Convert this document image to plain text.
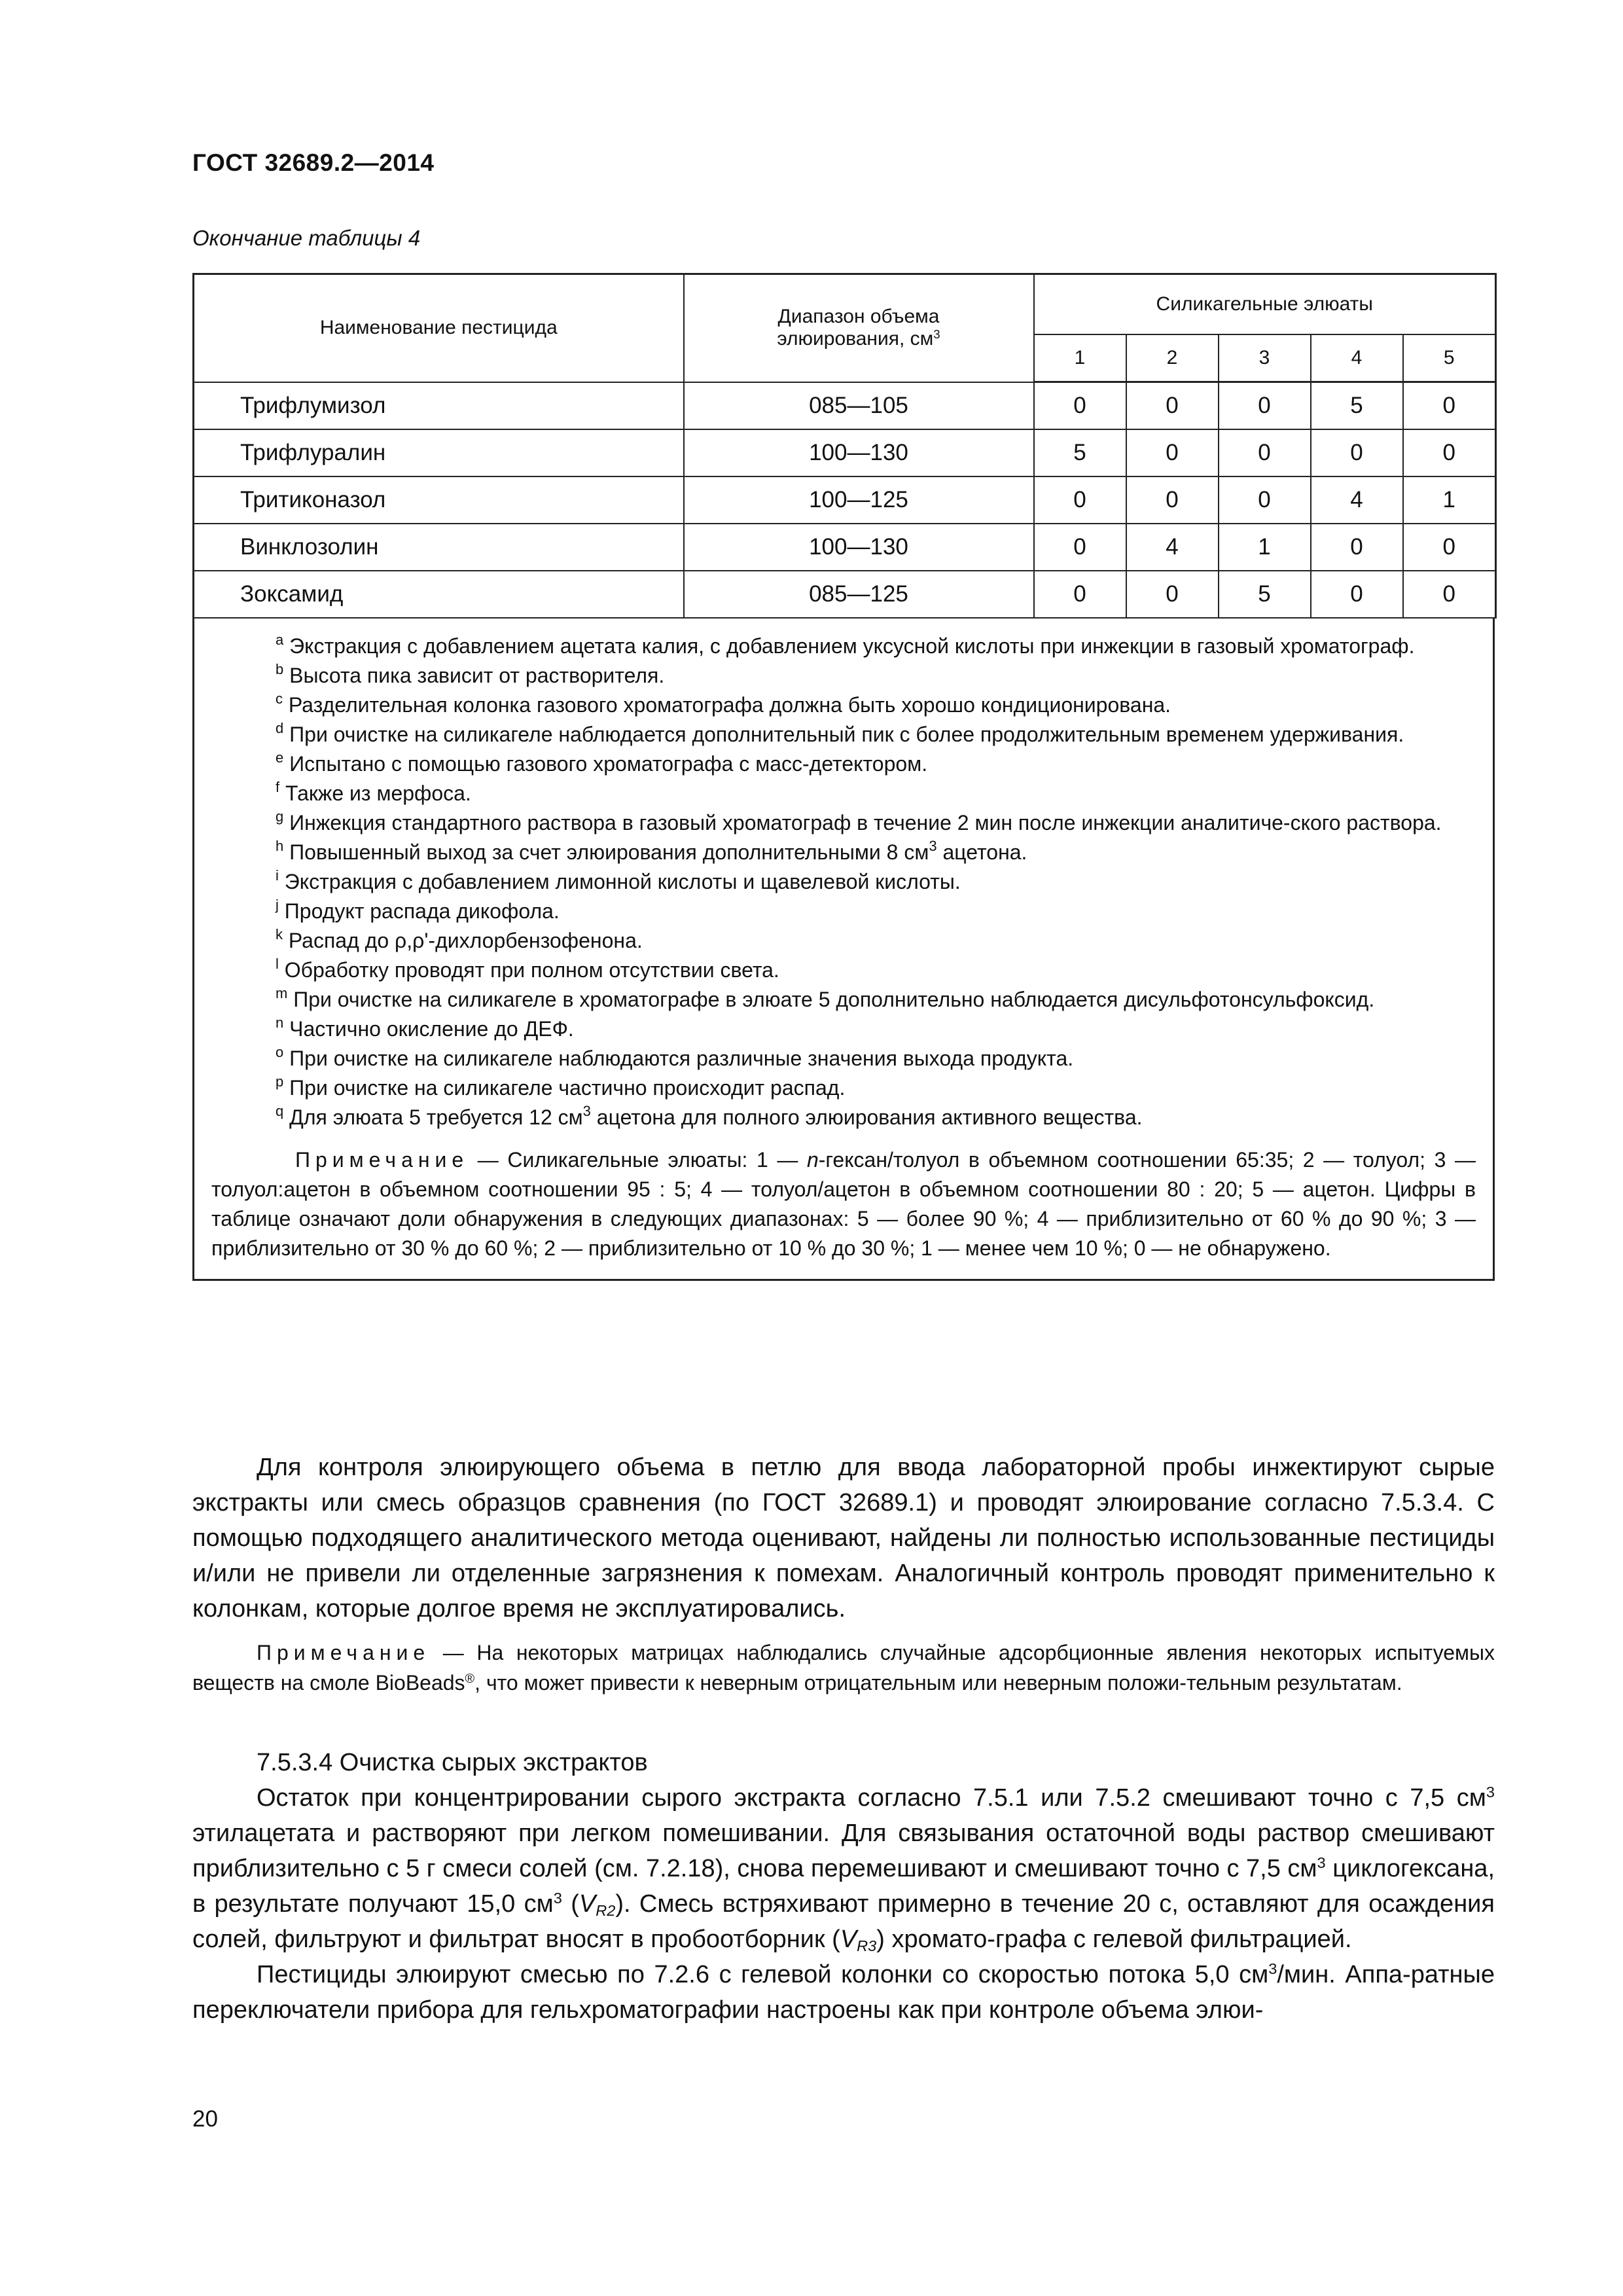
ГОСТ 32689.2—2014
Окончание таблицы 4
Наименование пестицида	Диапазон объема
элюирования, $см^3$	Силикагельные элюаты				
		1	2	3	4	5
Трифлумизол	085—105	0	0	0	5	0
Трифлуралин	100—130	5	0	0	0	0
Тритиконазол	100—125	0	0	0	4	1
Винклозолин	100—130	0	4	1	0	0
Зоксамид	085—125	0	0	5	0	0
$^a$ Экстракция с добавлением ацетата калия, с добавлением уксусной кислоты при инжекции в газовый хроматограф.
$^b$ Высота пика зависит от растворителя.
$^c$ Разделительная колонка газового хроматографа должна быть хорошо кондиционирована.
$^d$ При очистке на силикагеле наблюдается дополнительный пик с более продолжительным временем удерживания.
$^e$ Испытано с помощью газового хроматографа с масс-детектором.
$^f$ Также из мерфоса.
$^g$ Инжекция стандартного раствора в газовый хроматограф в течение 2 мин после инжекции аналитиче-ского раствора.
$^h$ Повышенный выход за счет элюирования дополнительными 8 $см^3$ ацетона.
$^i$ Экстракция с добавлением лимонной кислоты и щавелевой кислоты.
$^j$ Продукт распада дикофола.
$^k$ Распад до ρ,ρ'-дихлорбензофенона.
$^l$ Обработку проводят при полном отсутствии света.
$^m$ При очистке на силикагеле в хроматографе в элюате 5 дополнительно наблюдается дисульфотонсульфоксид.
$^n$ Частично окисление до ДЕФ.
$^o$ При очистке на силикагеле наблюдаются различные значения выхода продукта.
$^p$ При очистке на силикагеле частично происходит распад.
$^q$ Для элюата 5 требуется 12 $см^3$ ацетона для полного элюирования активного вещества.
Примечание — Силикагельные элюаты: 1 — n-гексан/толуол в объемном соотношении 65:35; 2 — толуол; 3 — толуол:ацетон в объемном соотношении 95 : 5; 4 — толуол/ацетон в объемном соотношении 80 : 20; 5 — ацетон. Цифры в таблице означают доли обнаружения в следующих диапазонах: 5 — более 90 %; 4 — приблизительно от 60 % до 90 %; 3 — приблизительно от 30 % до 60 %; 2 — приблизительно от 10 % до 30 %; 1 — менее чем 10 %; 0 — не обнаружено.

Для контроля элюирующего объема в петлю для ввода лабораторной пробы инжектируют сырые экстракты или смесь образцов сравнения (по ГОСТ 32689.1) и проводят элюирование согласно 7.5.3.4. С помощью подходящего аналитического метода оценивают, найдены ли полностью использованные пестициды и/или не привели ли отделенные загрязнения к помехам. Аналогичный контроль проводят применительно к колонкам, которые долгое время не эксплуатировались.

Примечание — На некоторых матрицах наблюдались случайные адсорбционные явления некоторых испытуемых веществ на смоле BioBeads®, что может привести к неверным отрицательным или неверным положи-тельным результатам.

7.5.3.4 Очистка сырых экстрактов

Остаток при концентрировании сырого экстракта согласно 7.5.1 или 7.5.2 смешивают точно с 7,5 $см^3$ этилацетата и растворяют при легком помешивании. Для связывания остаточной воды раствор смешивают приблизительно с 5 г смеси солей (см. 7.2.18), снова перемешивают и смешивают точно с 7,5 $см^3$ циклогексана, в результате получают 15,0 $см^3$ $(V_{R2})$. Смесь встряхивают примерно в течение 20 с, оставляют для осаждения солей, фильтруют и фильтрат вносят в пробоотборник $(V_{R3})$ хромато-графа с гелевой фильтрацией.

Пестициды элюируют смесью по 7.2.6 с гелевой колонки со скоростью потока 5,0 $см^3$/мин. Аппа-ратные переключатели прибора для гельхроматографии настроены как при контроле объема элюи-

20
